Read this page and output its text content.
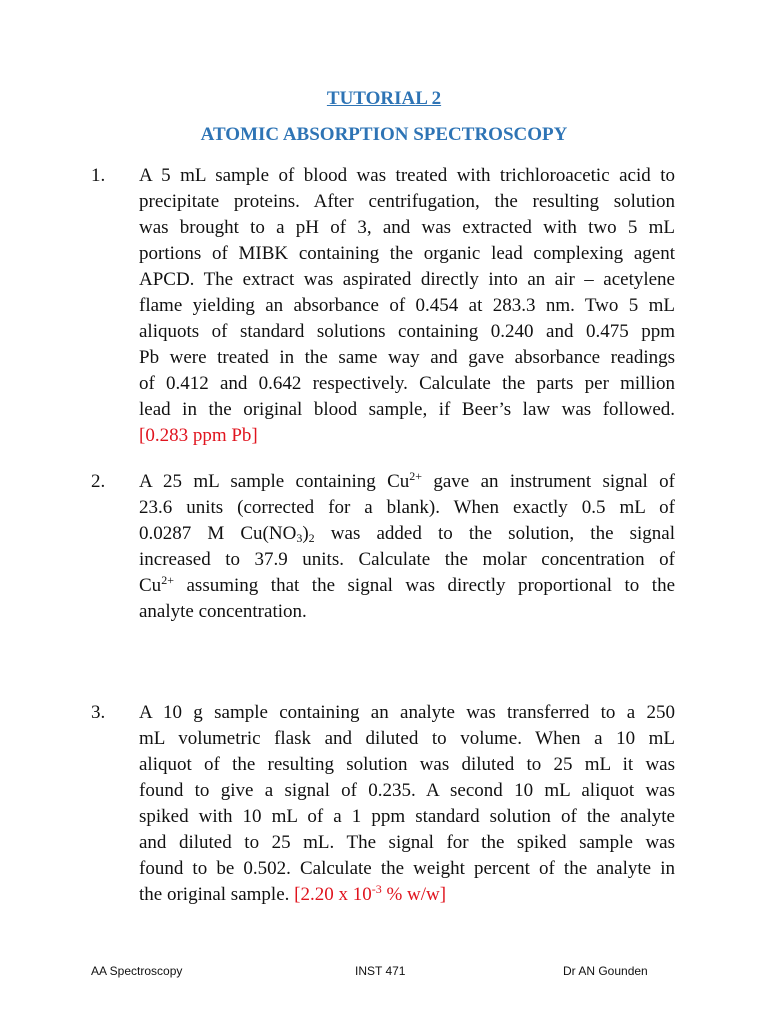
TUTORIAL 2
ATOMIC ABSORPTION SPECTROSCOPY
1. A 5 mL sample of blood was treated with trichloroacetic acid to
precipitate proteins. After centrifugation, the resulting solution
was brought to a pH of 3, and was extracted with two 5 mL
portions of MIBK containing the organic lead complexing agent
APCD. The extract was aspirated directly into an air – acetylene
flame yielding an absorbance of 0.454 at 283.3 nm. Two 5 mL
aliquots of standard solutions containing 0.240 and 0.475 ppm
Pb were treated in the same way and gave absorbance readings
of 0.412 and 0.642 respectively. Calculate the parts per million
lead in the original blood sample, if Beer’s law was followed.
[0.283 ppm Pb]
2. A 25 mL sample containing $Cu^{2+}$ gave an instrument signal of
23.6 units (corrected for a blank). When exactly 0.5 mL of
0.0287 M $Cu(NO_3)_2$ was added to the solution, the signal
increased to 37.9 units. Calculate the molar concentration of
$Cu^{2+}$ assuming that the signal was directly proportional to the
analyte concentration.
3. A 10 g sample containing an analyte was transferred to a 250
mL volumetric flask and diluted to volume. When a 10 mL
aliquot of the resulting solution was diluted to 25 mL it was
found to give a signal of 0.235. A second 10 mL aliquot was
spiked with 10 mL of a 1 ppm standard solution of the analyte
and diluted to 25 mL. The signal for the spiked sample was
found to be 0.502. Calculate the weight percent of the analyte in
the original sample. [2.20 x $10^{-3}$ % w/w]
AA Spectroscopy	INST 471	Dr AN Gounden
